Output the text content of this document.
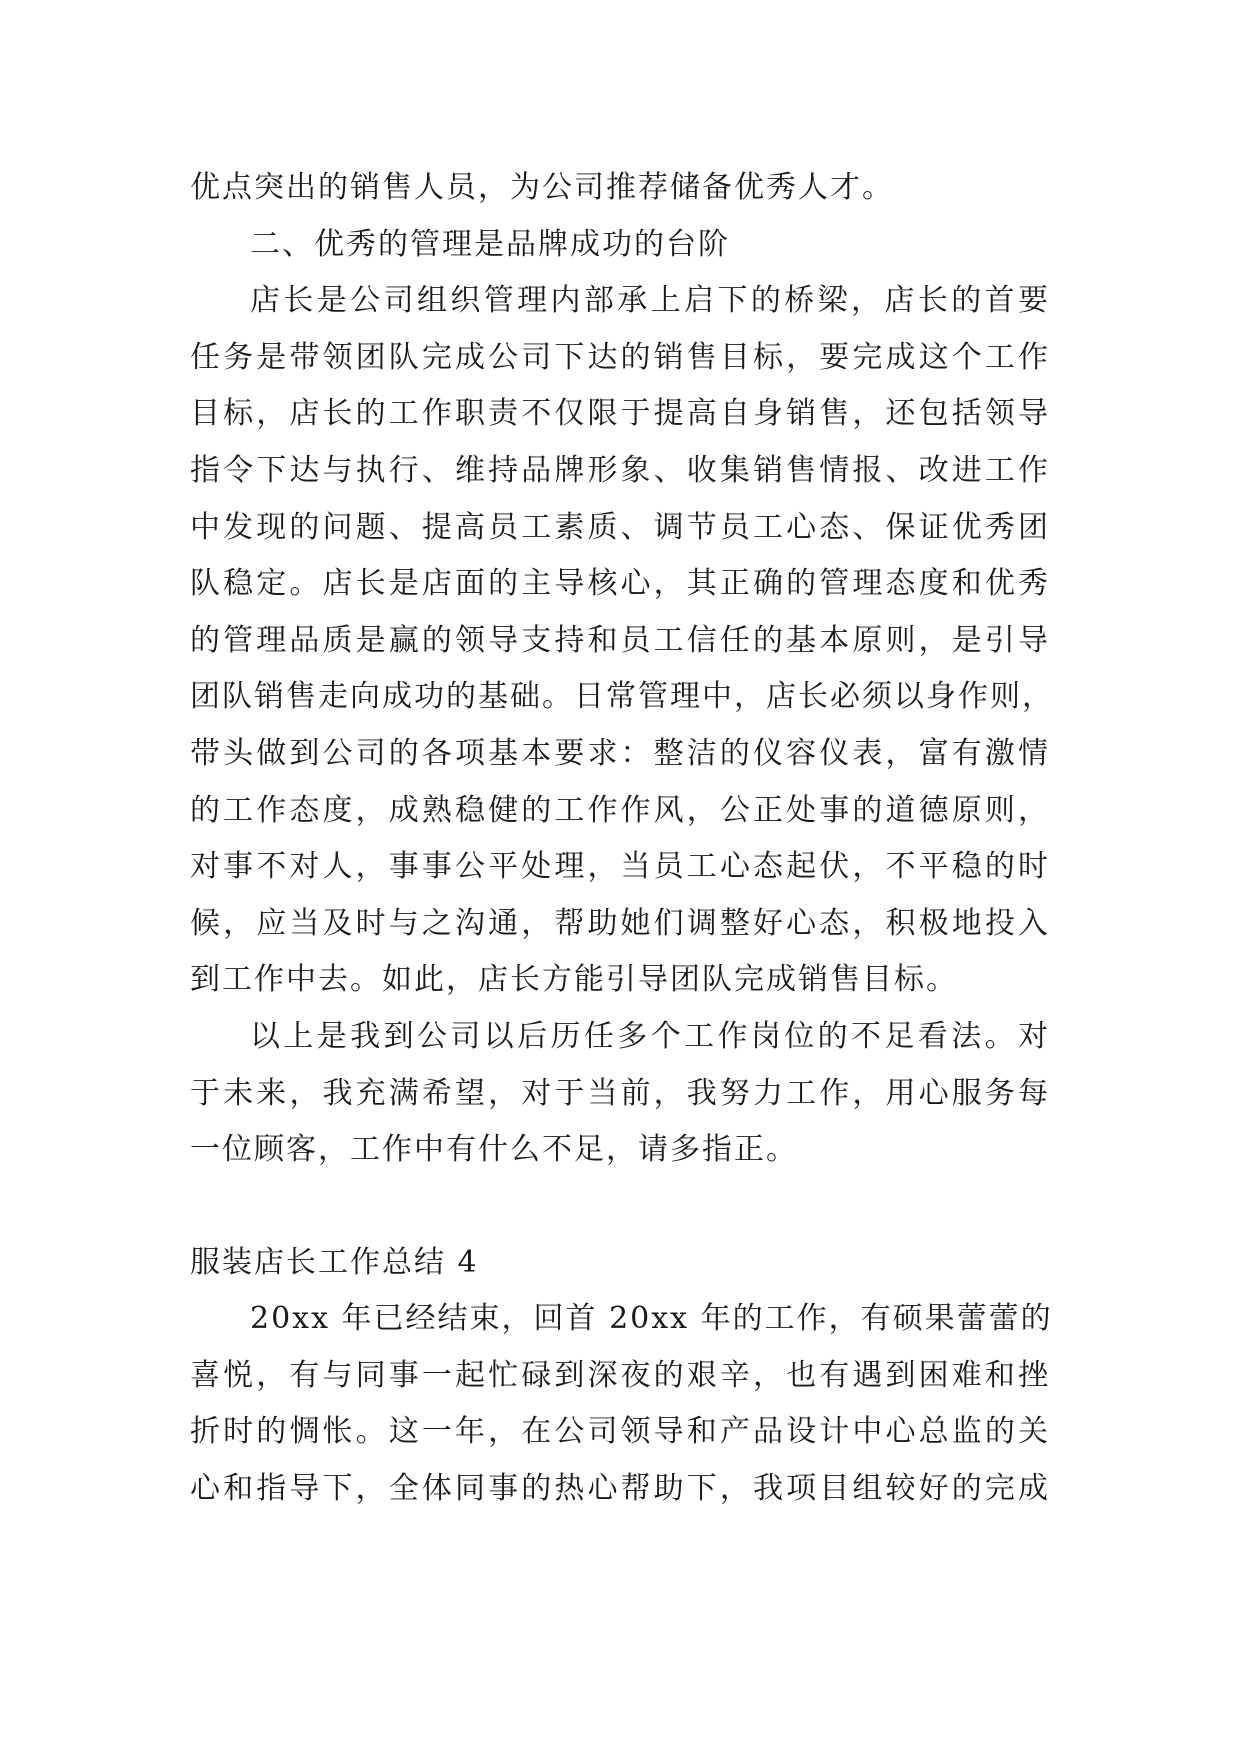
优点突出的销售人员，为公司推荐储备优秀人才。
二、优秀的管理是品牌成功的台阶
店长是公司组织管理内部承上启下的桥梁，店长的首要
任务是带领团队完成公司下达的销售目标，要完成这个工作
目标，店长的工作职责不仅限于提高自身销售，还包括领导
指令下达与执行、维持品牌形象、收集销售情报、改进工作
中发现的问题、提高员工素质、调节员工心态、保证优秀团
队稳定。店长是店面的主导核心，其正确的管理态度和优秀
的管理品质是赢的领导支持和员工信任的基本原则，是引导
团队销售走向成功的基础。日常管理中，店长必须以身作则，
带头做到公司的各项基本要求：整洁的仪容仪表，富有激情
的工作态度，成熟稳健的工作作风，公正处事的道德原则，
对事不对人，事事公平处理，当员工心态起伏，不平稳的时
候，应当及时与之沟通，帮助她们调整好心态，积极地投入
到工作中去。如此，店长方能引导团队完成销售目标。
以上是我到公司以后历任多个工作岗位的不足看法。对
于未来，我充满希望，对于当前，我努力工作，用心服务每
一位顾客，工作中有什么不足，请多指正。
服装店长工作总结 4
20xx 年已经结束，回首 20xx 年的工作，有硕果蕾蕾的
喜悦，有与同事一起忙碌到深夜的艰辛，也有遇到困难和挫
折时的惆怅。这一年，在公司领导和产品设计中心总监的关
心和指导下，全体同事的热心帮助下，我项目组较好的完成
